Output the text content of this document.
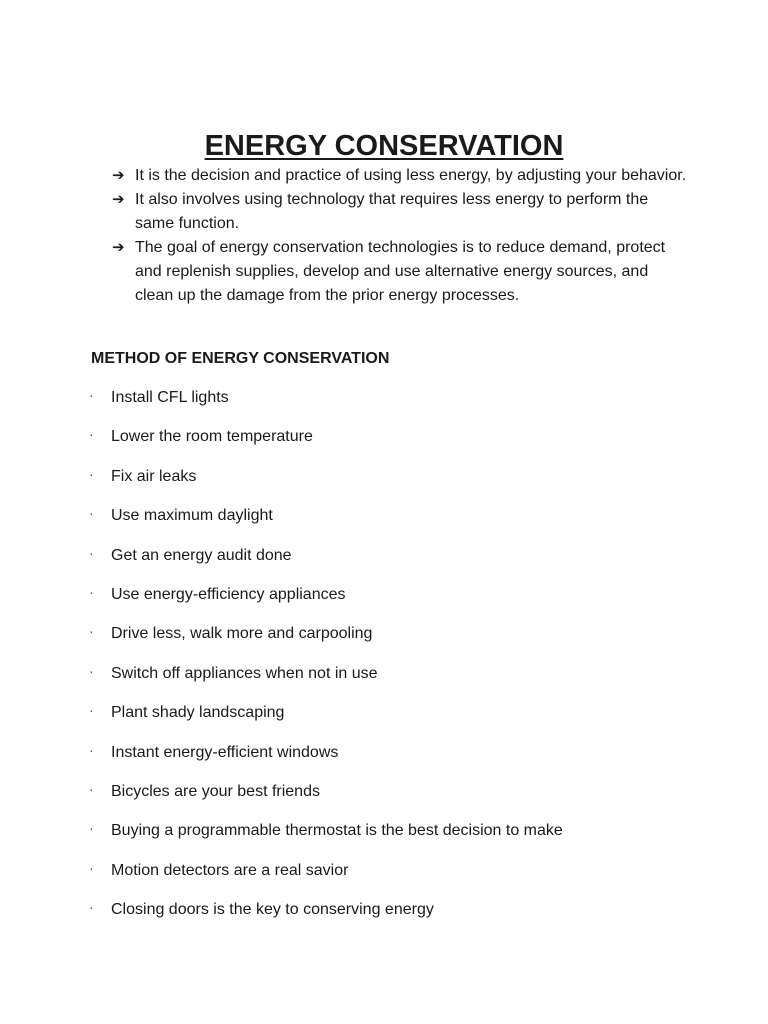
ENERGY CONSERVATION
➔ It is the decision and practice of using less energy, by adjusting your behavior.
➔ It also involves using technology that requires less energy to perform the same function.
➔ The goal of energy conservation technologies is to reduce demand, protect and replenish supplies, develop and use alternative energy sources, and clean up the damage from the prior energy processes.
METHOD OF ENERGY CONSERVATION
· Install CFL lights
· Lower the room temperature
· Fix air leaks
· Use maximum daylight
· Get an energy audit done
· Use energy-efficiency appliances
· Drive less, walk more and carpooling
· Switch off appliances when not in use
· Plant shady landscaping
· Instant energy-efficient windows
· Bicycles are your best friends
· Buying a programmable thermostat is the best decision to make
· Motion detectors are a real savior
· Closing doors is the key to conserving energy
